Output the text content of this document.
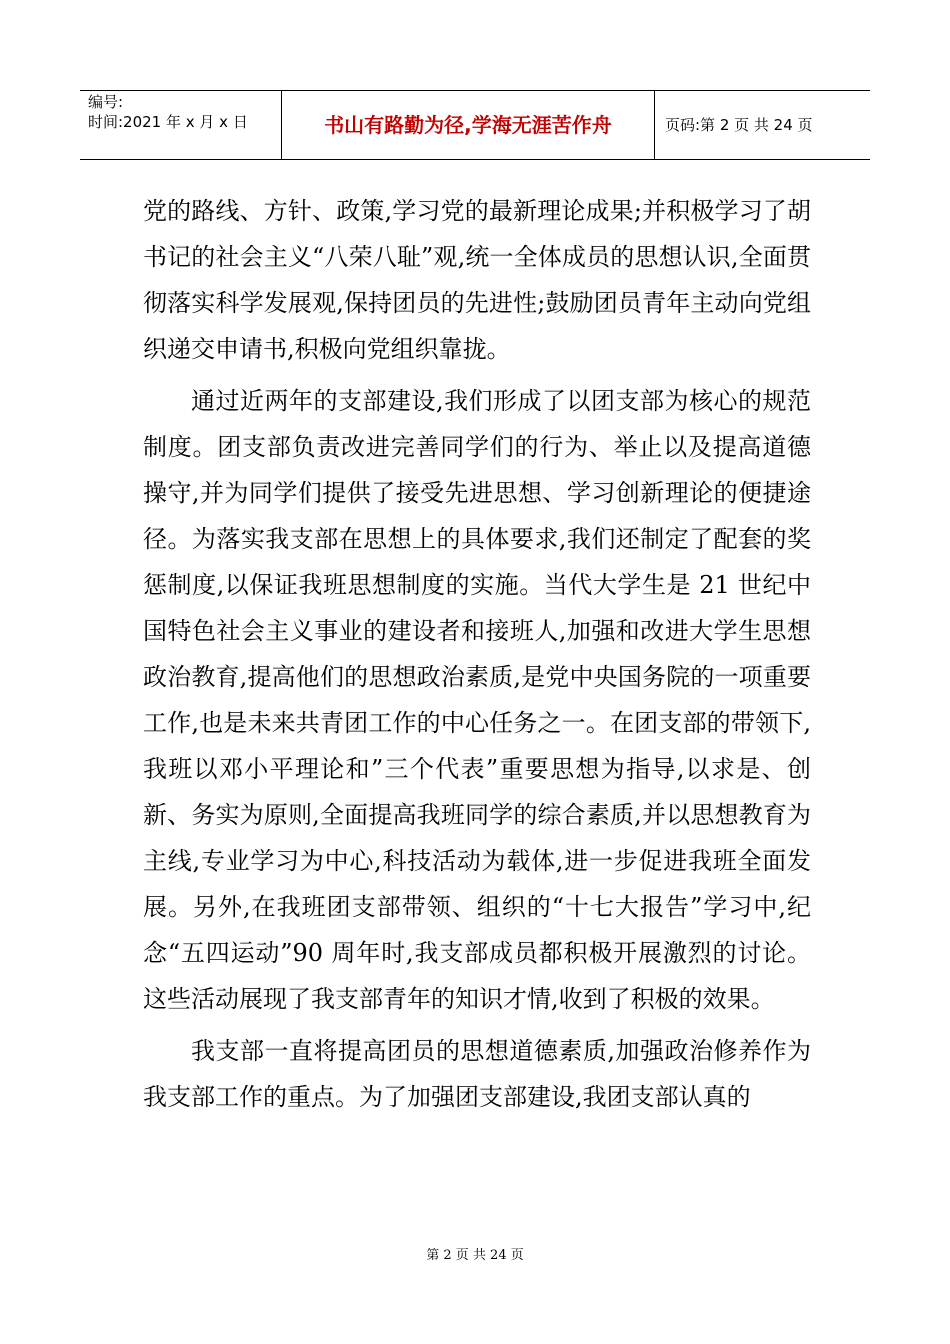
编号:
时间:2021 年 x 月 x 日	书山有路勤为径,学海无涯苦作舟	页码:第 2 页 共 24 页

党的路线、方针、政策,学习党的最新理论成果;并积极学习了胡书记的社会主义“八荣八耻”观,统一全体成员的思想认识,全面贯彻落实科学发展观,保持团员的先进性;鼓励团员青年主动向党组织递交申请书,积极向党组织靠拢。

通过近两年的支部建设,我们形成了以团支部为核心的规范制度。团支部负责改进完善同学们的行为、举止以及提高道德操守,并为同学们提供了接受先进思想、学习创新理论的便捷途径。为落实我支部在思想上的具体要求,我们还制定了配套的奖惩制度,以保证我班思想制度的实施。当代大学生是 21 世纪中国特色社会主义事业的建设者和接班人,加强和改进大学生思想政治教育,提高他们的思想政治素质,是党中央国务院的一项重要工作,也是未来共青团工作的中心任务之一。在团支部的带领下,我班以邓小平理论和”三个代表”重要思想为指导,以求是、创新、务实为原则,全面提高我班同学的综合素质,并以思想教育为主线,专业学习为中心,科技活动为载体,进一步促进我班全面发展。另外,在我班团支部带领、组织的“十七大报告”学习中,纪念“五四运动”90 周年时,我支部成员都积极开展激烈的讨论。这些活动展现了我支部青年的知识才情,收到了积极的效果。

我支部一直将提高团员的思想道德素质,加强政治修养作为我支部工作的重点。为了加强团支部建设,我团支部认真的

第 2 页 共 24 页
